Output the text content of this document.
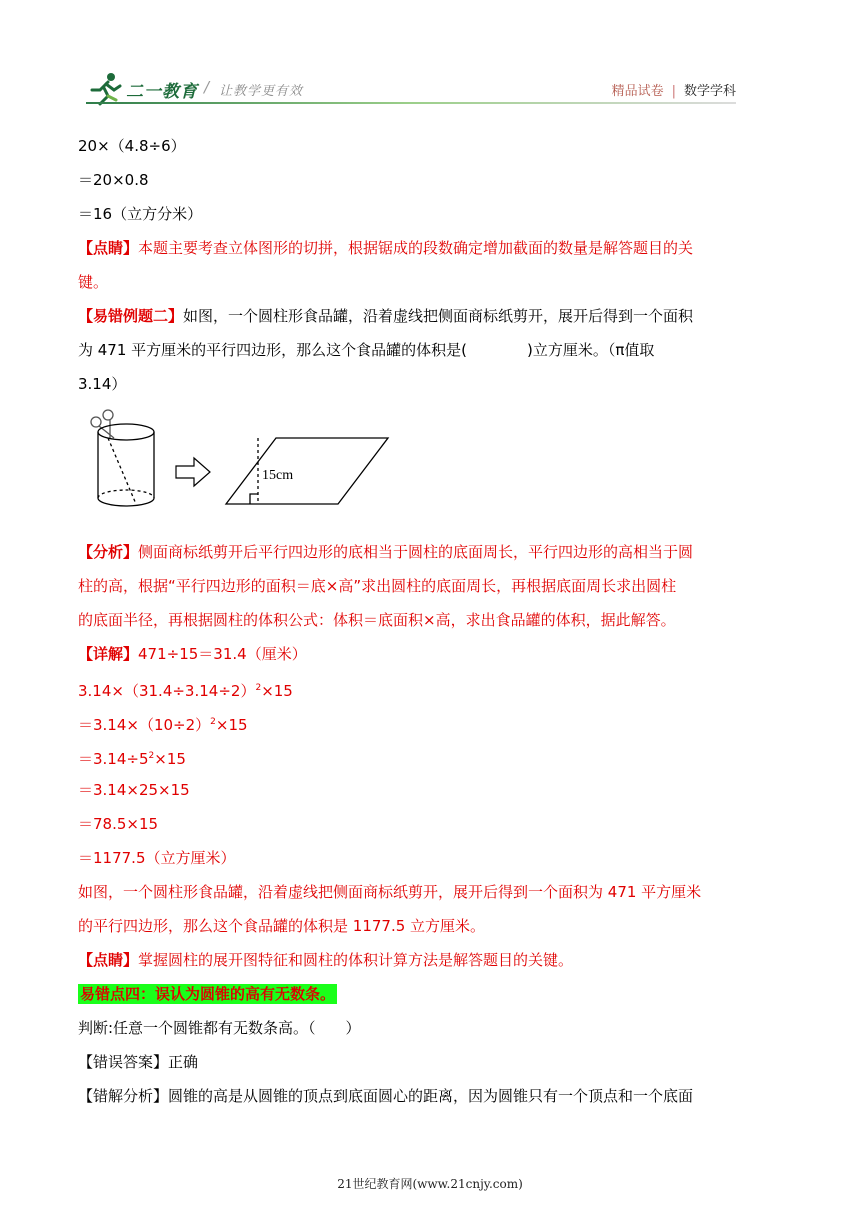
二一教育 / 让教学更有效	精品试卷 | 数学学科
20×（4.8÷6）
＝20×0.8
＝16（立方分米）
【点睛】本题主要考查立体图形的切拼，根据锯成的段数确定增加截面的数量是解答题目的关
键。
【易错例题二】如图，一个圆柱形食品罐，沿着虚线把侧面商标纸剪开，展开后得到一个面积
为 471 平方厘米的平行四边形，那么这个食品罐的体积是(　　　　)立方厘米。（π值取
3.14）
15cm
【分析】侧面商标纸剪开后平行四边形的底相当于圆柱的底面周长，平行四边形的高相当于圆
柱的高，根据“平行四边形的面积＝底×高”求出圆柱的底面周长，再根据底面周长求出圆柱
的底面半径，再根据圆柱的体积公式：体积＝底面积×高，求出食品罐的体积，据此解答。
【详解】471÷15＝31.4（厘米）
$3.14\times(31.4\div 3.14\div 2)^2\times 15$
$=3.14\times(10\div 2)^2\times 15$
$=3.14\div 5^2\times 15$
＝3.14×25×15
＝78.5×15
＝1177.5（立方厘米）
如图，一个圆柱形食品罐，沿着虚线把侧面商标纸剪开，展开后得到一个面积为 471 平方厘米
的平行四边形，那么这个食品罐的体积是 1177.5 立方厘米。
【点睛】掌握圆柱的展开图特征和圆柱的体积计算方法是解答题目的关键。
易错点四：误认为圆锥的高有无数条。
判断:任意一个圆锥都有无数条高。（　　）
【错误答案】正确
【错解分析】圆锥的高是从圆锥的顶点到底面圆心的距离，因为圆锥只有一个顶点和一个底面
21世纪教育网(www.21cnjy.com)
